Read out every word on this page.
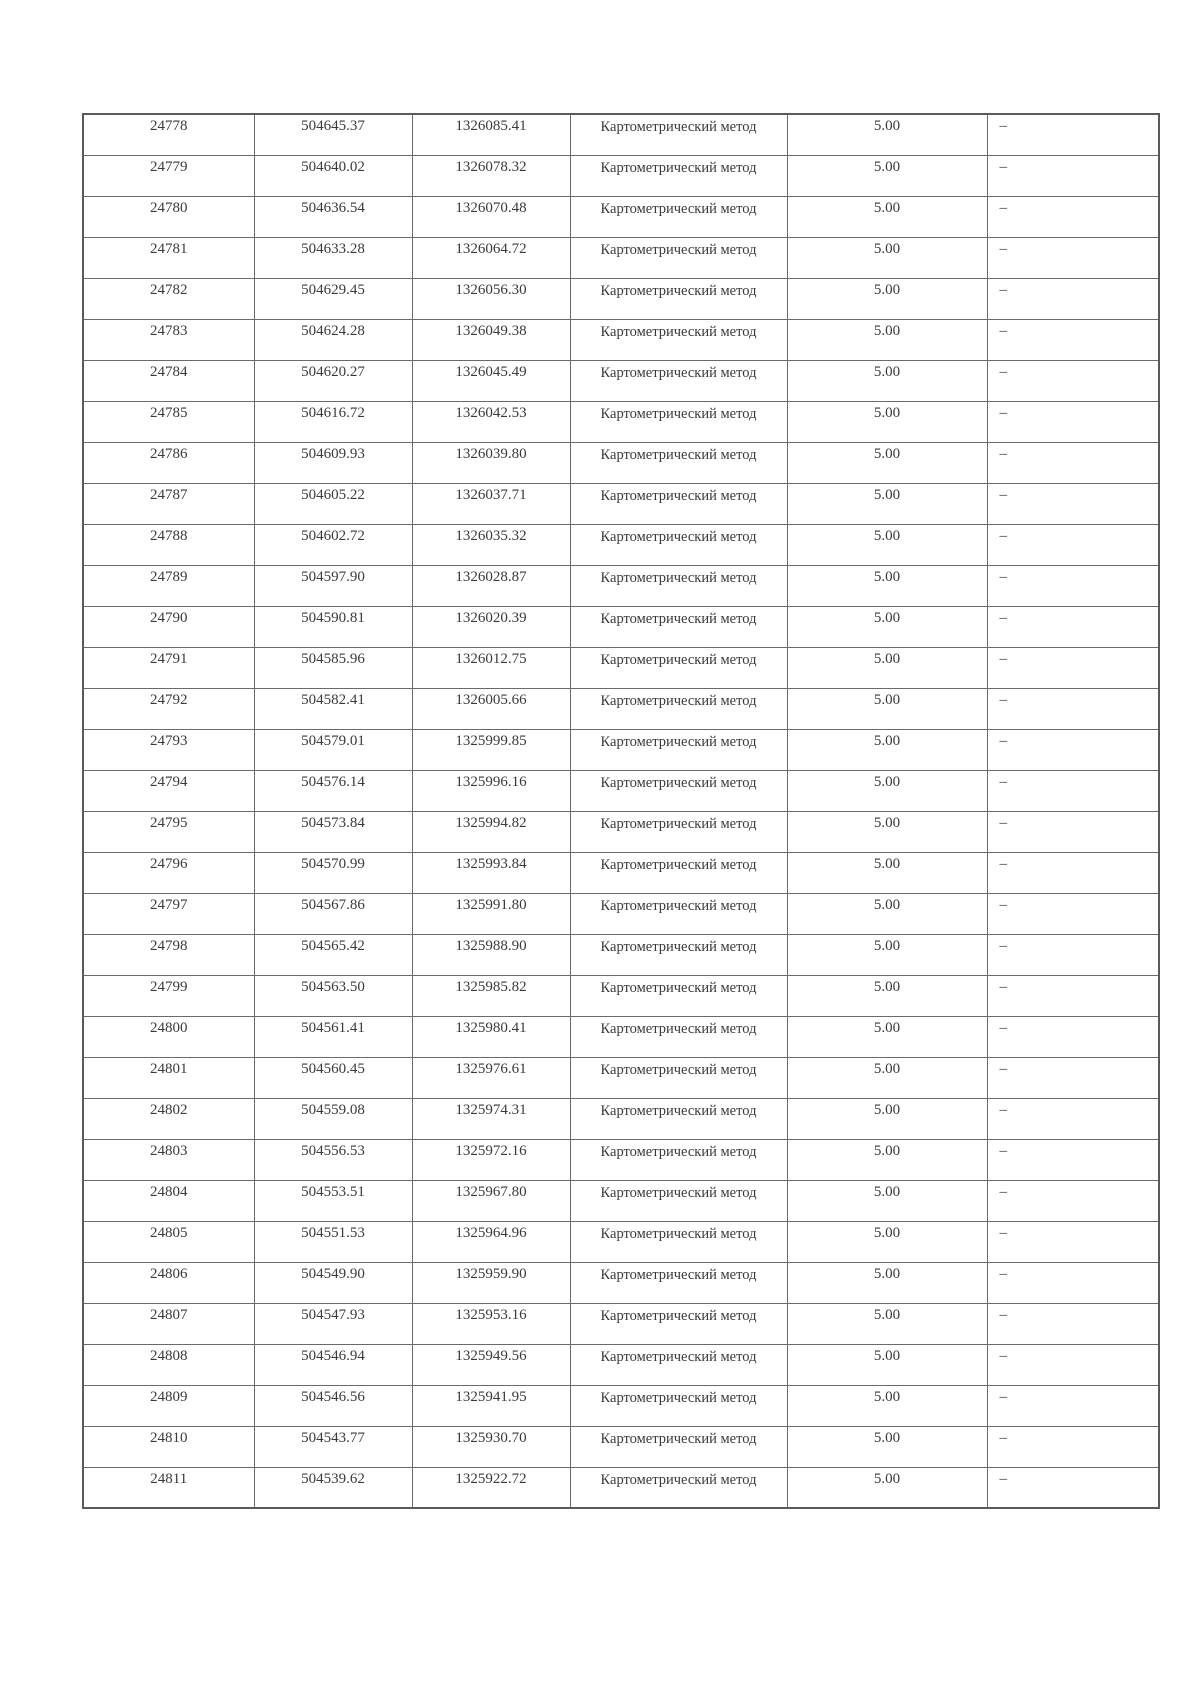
24778	504645.37	1326085.41	Картометрический метод	5.00	–
24779	504640.02	1326078.32	Картометрический метод	5.00	–
24780	504636.54	1326070.48	Картометрический метод	5.00	–
24781	504633.28	1326064.72	Картометрический метод	5.00	–
24782	504629.45	1326056.30	Картометрический метод	5.00	–
24783	504624.28	1326049.38	Картометрический метод	5.00	–
24784	504620.27	1326045.49	Картометрический метод	5.00	–
24785	504616.72	1326042.53	Картометрический метод	5.00	–
24786	504609.93	1326039.80	Картометрический метод	5.00	–
24787	504605.22	1326037.71	Картометрический метод	5.00	–
24788	504602.72	1326035.32	Картометрический метод	5.00	–
24789	504597.90	1326028.87	Картометрический метод	5.00	–
24790	504590.81	1326020.39	Картометрический метод	5.00	–
24791	504585.96	1326012.75	Картометрический метод	5.00	–
24792	504582.41	1326005.66	Картометрический метод	5.00	–
24793	504579.01	1325999.85	Картометрический метод	5.00	–
24794	504576.14	1325996.16	Картометрический метод	5.00	–
24795	504573.84	1325994.82	Картометрический метод	5.00	–
24796	504570.99	1325993.84	Картометрический метод	5.00	–
24797	504567.86	1325991.80	Картометрический метод	5.00	–
24798	504565.42	1325988.90	Картометрический метод	5.00	–
24799	504563.50	1325985.82	Картометрический метод	5.00	–
24800	504561.41	1325980.41	Картометрический метод	5.00	–
24801	504560.45	1325976.61	Картометрический метод	5.00	–
24802	504559.08	1325974.31	Картометрический метод	5.00	–
24803	504556.53	1325972.16	Картометрический метод	5.00	–
24804	504553.51	1325967.80	Картометрический метод	5.00	–
24805	504551.53	1325964.96	Картометрический метод	5.00	–
24806	504549.90	1325959.90	Картометрический метод	5.00	–
24807	504547.93	1325953.16	Картометрический метод	5.00	–
24808	504546.94	1325949.56	Картометрический метод	5.00	–
24809	504546.56	1325941.95	Картометрический метод	5.00	–
24810	504543.77	1325930.70	Картометрический метод	5.00	–
24811	504539.62	1325922.72	Картометрический метод	5.00	–
